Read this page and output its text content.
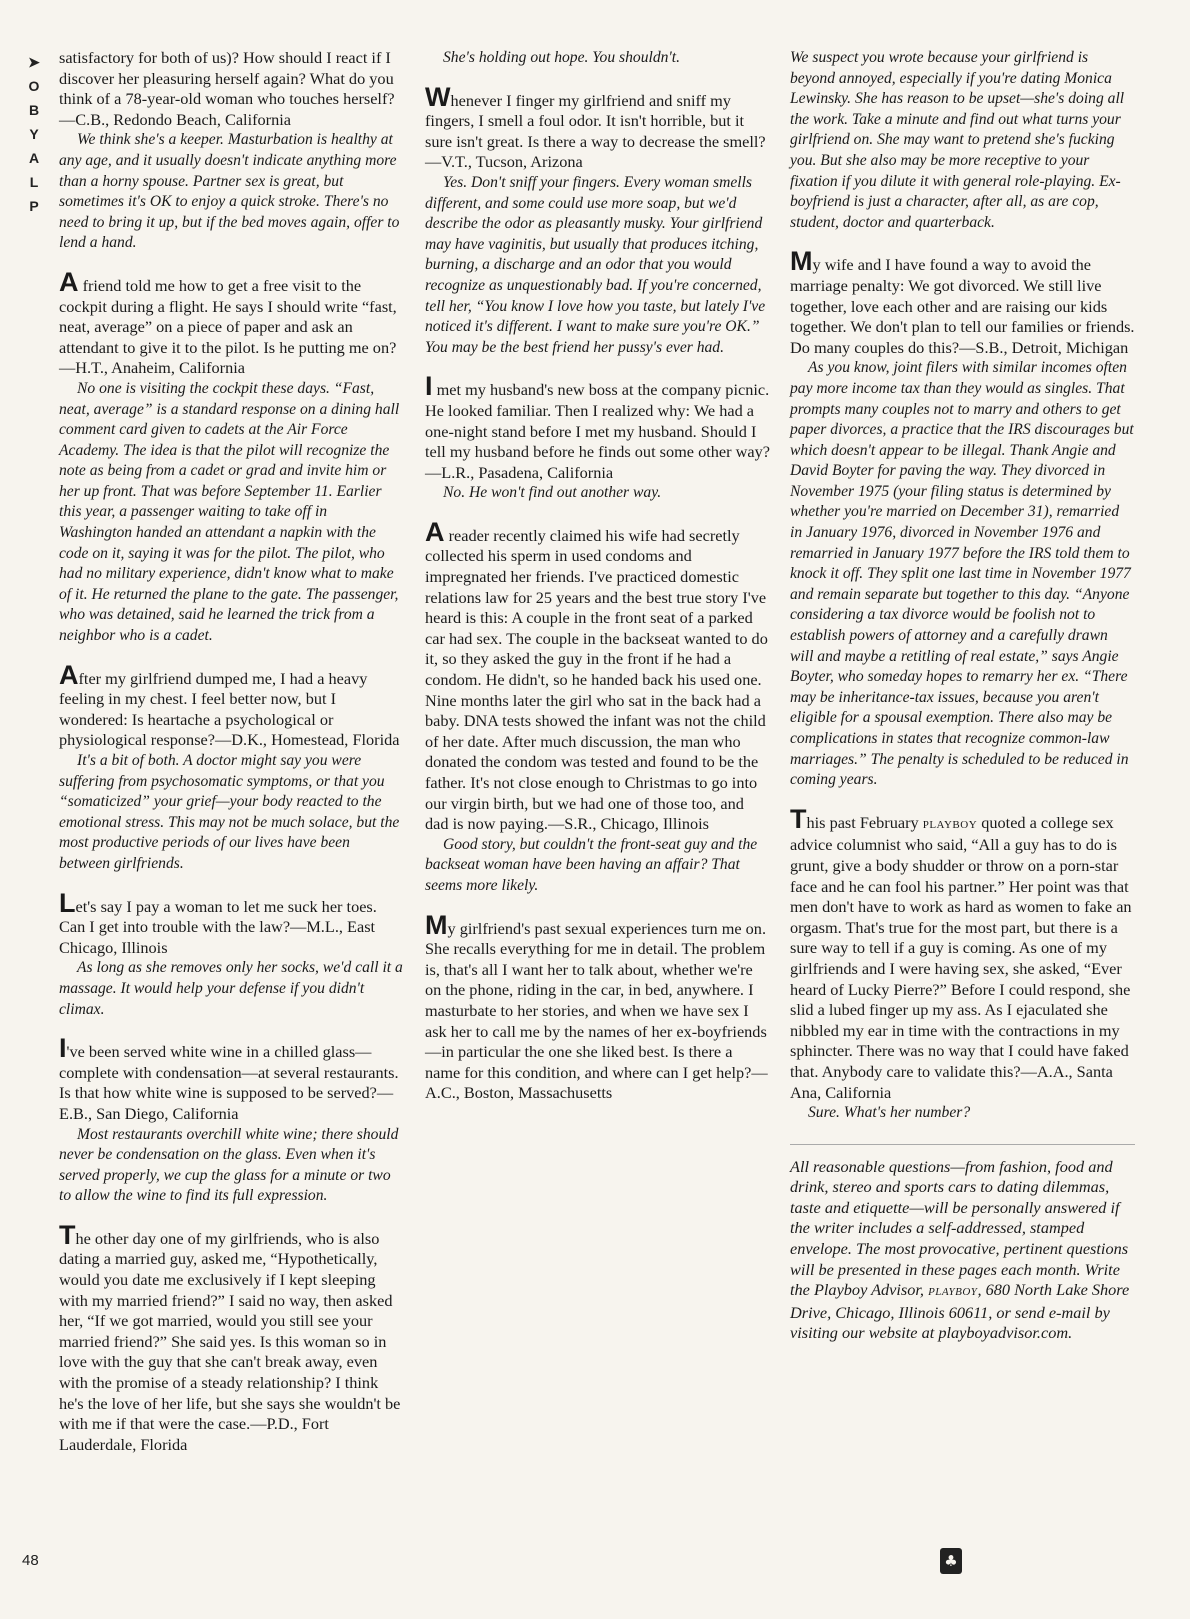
➤
O
B
Y
A
L
P

satisfactory for both of us)? How should I react if I discover her pleasuring herself again? What do you think of a 78-year-old woman who touches herself?—C.B., Redondo Beach, California

We think she's a keeper. Masturbation is healthy at any age, and it usually doesn't indicate anything more than a horny spouse. Partner sex is great, but sometimes it's OK to enjoy a quick stroke. There's no need to bring it up, but if the bed moves again, offer to lend a hand.

A friend told me how to get a free visit to the cockpit during a flight. He says I should write “fast, neat, average” on a piece of paper and ask an attendant to give it to the pilot. Is he putting me on?—H.T., Anaheim, California

No one is visiting the cockpit these days. “Fast, neat, average” is a standard response on a dining hall comment card given to cadets at the Air Force Academy. The idea is that the pilot will recognize the note as being from a cadet or grad and invite him or her up front. That was before September 11. Earlier this year, a passenger waiting to take off in Washington handed an attendant a napkin with the code on it, saying it was for the pilot. The pilot, who had no military experience, didn't know what to make of it. He returned the plane to the gate. The passenger, who was detained, said he learned the trick from a neighbor who is a cadet.

After my girlfriend dumped me, I had a heavy feeling in my chest. I feel better now, but I wondered: Is heartache a psychological or physiological response?—D.K., Homestead, Florida

It's a bit of both. A doctor might say you were suffering from psychosomatic symptoms, or that you “somaticized” your grief—your body reacted to the emotional stress. This may not be much solace, but the most productive periods of our lives have been between girlfriends.

Let's say I pay a woman to let me suck her toes. Can I get into trouble with the law?—M.L., East Chicago, Illinois

As long as she removes only her socks, we'd call it a massage. It would help your defense if you didn't climax.

I've been served white wine in a chilled glass—complete with condensation—at several restaurants. Is that how white wine is supposed to be served?—E.B., San Diego, California

Most restaurants overchill white wine; there should never be condensation on the glass. Even when it's served properly, we cup the glass for a minute or two to allow the wine to find its full expression.

The other day one of my girlfriends, who is also dating a married guy, asked me, “Hypothetically, would you date me exclusively if I kept sleeping with my married friend?” I said no way, then asked her, “If we got married, would you still see your married friend?” She said yes. Is this woman so in love with the guy that she can't break away, even with the promise of a steady relationship? I think he's the love of her life, but she says she wouldn't be with me if that were the case.—P.D., Fort Lauderdale, Florida

She's holding out hope. You shouldn't.

Whenever I finger my girlfriend and sniff my fingers, I smell a foul odor. It isn't horrible, but it sure isn't great. Is there a way to decrease the smell?—V.T., Tucson, Arizona

Yes. Don't sniff your fingers. Every woman smells different, and some could use more soap, but we'd describe the odor as pleasantly musky. Your girlfriend may have vaginitis, but usually that produces itching, burning, a discharge and an odor that you would recognize as unquestionably bad. If you're concerned, tell her, “You know I love how you taste, but lately I've noticed it's different. I want to make sure you're OK.” You may be the best friend her pussy's ever had.

I met my husband's new boss at the company picnic. He looked familiar. Then I realized why: We had a one-night stand before I met my husband. Should I tell my husband before he finds out some other way?—L.R., Pasadena, California

No. He won't find out another way.

A reader recently claimed his wife had secretly collected his sperm in used condoms and impregnated her friends. I've practiced domestic relations law for 25 years and the best true story I've heard is this: A couple in the front seat of a parked car had sex. The couple in the backseat wanted to do it, so they asked the guy in the front if he had a condom. He didn't, so he handed back his used one. Nine months later the girl who sat in the back had a baby. DNA tests showed the infant was not the child of her date. After much discussion, the man who donated the condom was tested and found to be the father. It's not close enough to Christmas to go into our virgin birth, but we had one of those too, and dad is now paying.—S.R., Chicago, Illinois

Good story, but couldn't the front-seat guy and the backseat woman have been having an affair? That seems more likely.

My girlfriend's past sexual experiences turn me on. She recalls everything for me in detail. The problem is, that's all I want her to talk about, whether we're on the phone, riding in the car, in bed, anywhere. I masturbate to her stories, and when we have sex I ask her to call me by the names of her ex-boyfriends—in particular the one she liked best. Is there a name for this condition, and where can I get help?—A.C., Boston, Massachusetts

We suspect you wrote because your girlfriend is beyond annoyed, especially if you're dating Monica Lewinsky. She has reason to be upset—she's doing all the work. Take a minute and find out what turns your girlfriend on. She may want to pretend she's fucking you. But she also may be more receptive to your fixation if you dilute it with general role-playing. Ex-boyfriend is just a character, after all, as are cop, student, doctor and quarterback.

My wife and I have found a way to avoid the marriage penalty: We got divorced. We still live together, love each other and are raising our kids together. We don't plan to tell our families or friends. Do many couples do this?—S.B., Detroit, Michigan

As you know, joint filers with similar incomes often pay more income tax than they would as singles. That prompts many couples not to marry and others to get paper divorces, a practice that the IRS discourages but which doesn't appear to be illegal. Thank Angie and David Boyter for paving the way. They divorced in November 1975 (your filing status is determined by whether you're married on December 31), remarried in January 1976, divorced in November 1976 and remarried in January 1977 before the IRS told them to knock it off. They split one last time in November 1977 and remain separate but together to this day. “Anyone considering a tax divorce would be foolish not to establish powers of attorney and a carefully drawn will and maybe a retitling of real estate,” says Angie Boyter, who someday hopes to remarry her ex. “There may be inheritance-tax issues, because you aren't eligible for a spousal exemption. There also may be complications in states that recognize common-law marriages.” The penalty is scheduled to be reduced in coming years.

This past February PLAYBOY quoted a college sex advice columnist who said, “All a guy has to do is grunt, give a body shudder or throw on a porn-star face and he can fool his partner.” Her point was that men don't have to work as hard as women to fake an orgasm. That's true for the most part, but there is a sure way to tell if a guy is coming. As one of my girlfriends and I were having sex, she asked, “Ever heard of Lucky Pierre?” Before I could respond, she slid a lubed finger up my ass. As I ejaculated she nibbled my ear in time with the contractions in my sphincter. There was no way that I could have faked that. Anybody care to validate this?—A.A., Santa Ana, California

Sure. What's her number?

All reasonable questions—from fashion, food and drink, stereo and sports cars to dating dilemmas, taste and etiquette—will be personally answered if the writer includes a self-addressed, stamped envelope. The most provocative, pertinent questions will be presented in these pages each month. Write the Playboy Advisor, PLAYBOY, 680 North Lake Shore Drive, Chicago, Illinois 60611, or send e-mail by visiting our website at playboyadvisor.com.

48	♣
